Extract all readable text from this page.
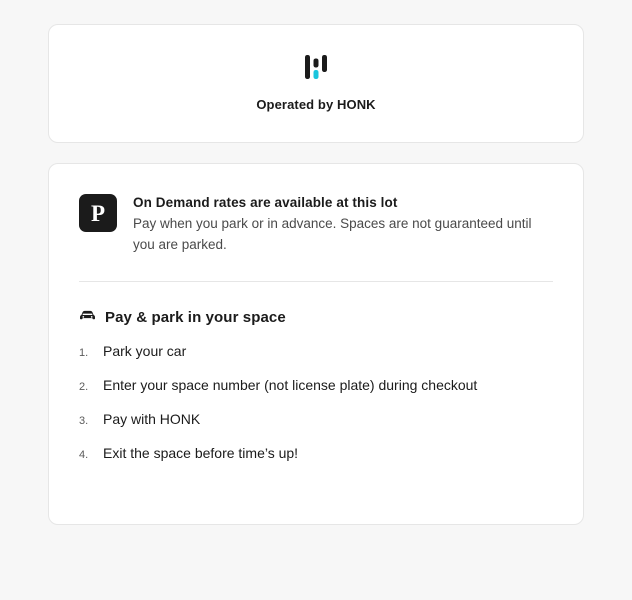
Operated by HONK
P	On Demand rates are available at this lot
Pay when you park or in advance. Spaces are not guaranteed until you are parked.
Pay & park in your space
1.	Park your car
2.	Enter your space number (not license plate) during checkout
3.	Pay with HONK
4.	Exit the space before time’s up!
